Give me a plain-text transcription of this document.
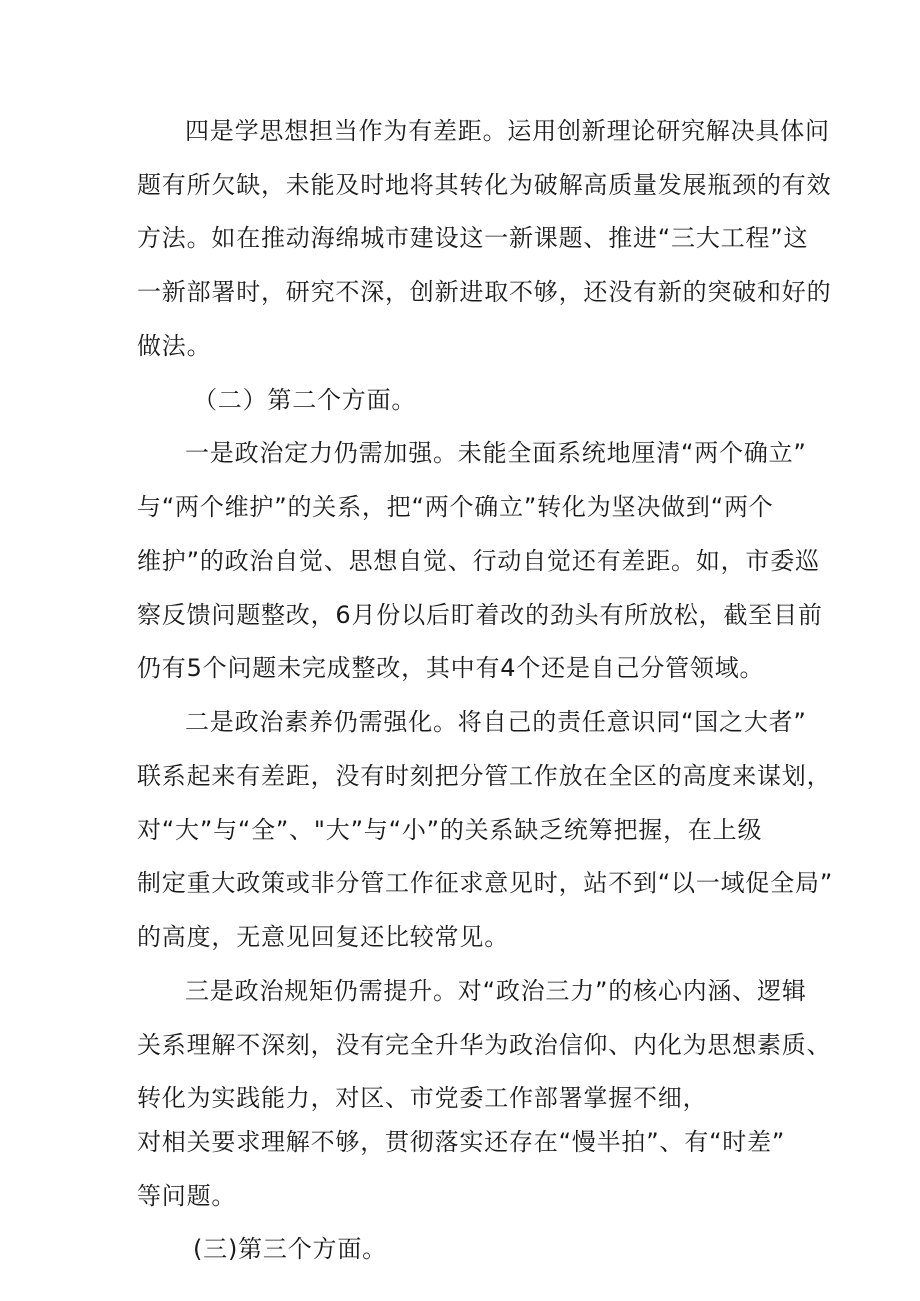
四是学思想担当作为有差距。运用创新理论研究解决具体问
题有所欠缺，未能及时地将其转化为破解高质量发展瓶颈的有效
方法。如在推动海绵城市建设这一新课题、推进“三大工程”这
一新部署时，研究不深，创新进取不够，还没有新的突破和好的
做法。
（二）第二个方面。
一是政治定力仍需加强。未能全面系统地厘清“两个确立”
与“两个维护”的关系，把“两个确立”转化为坚决做到“两个
维护”的政治自觉、思想自觉、行动自觉还有差距。如，市委巡
察反馈问题整改，6月份以后盯着改的劲头有所放松，截至目前
仍有5个问题未完成整改，其中有4个还是自己分管领域。
二是政治素养仍需强化。将自己的责任意识同“国之大者”
联系起来有差距，没有时刻把分管工作放在全区的高度来谋划，
对“大”与“全”、"大”与“小”的关系缺乏统筹把握，在上级
制定重大政策或非分管工作征求意见时，站不到“以一域促全局”
的高度，无意见回复还比较常见。
三是政治规矩仍需提升。对“政治三力”的核心内涵、逻辑
关系理解不深刻，没有完全升华为政治信仰、内化为思想素质、
转化为实践能力，对区、市党委工作部署掌握不细，
对相关要求理解不够，贯彻落实还存在“慢半拍”、有“时差”
等问题。
(三)第三个方面。
